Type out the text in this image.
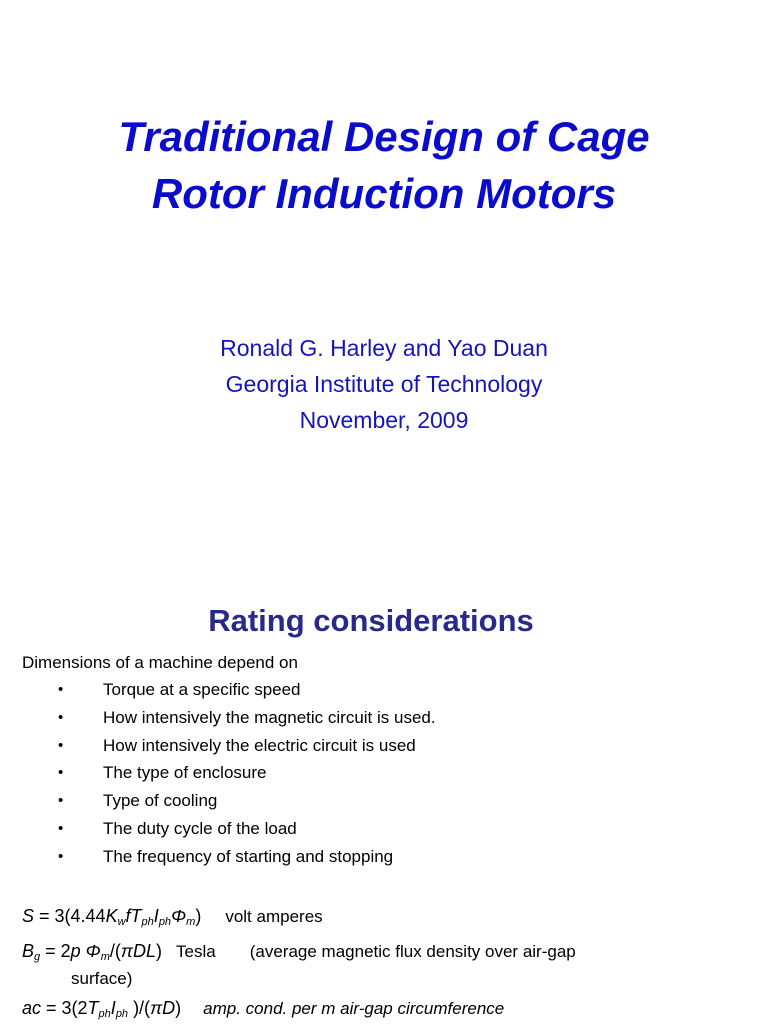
Traditional Design of Cage
Rotor Induction Motors
Ronald G. Harley and Yao Duan
Georgia Institute of Technology
November, 2009
Rating considerations
Dimensions of a machine depend on
• Torque at a specific speed
• How intensively the magnetic circuit is used.
• How intensively the electric circuit is used
• The type of enclosure
• Type of cooling
• The duty cycle of the load
• The frequency of starting and stopping
$S = 3(4.44K_wfT_{ph}I_{ph}\Phi_m)$  volt amperes
$B_g = 2p$ $\Phi_m/(\pi DL)$  Tesla (average magnetic flux density over air-gap
surface)
ac = $3(2T_{ph}I_{ph}$ )/(πD)  amp. cond. per m air-gap circumference
